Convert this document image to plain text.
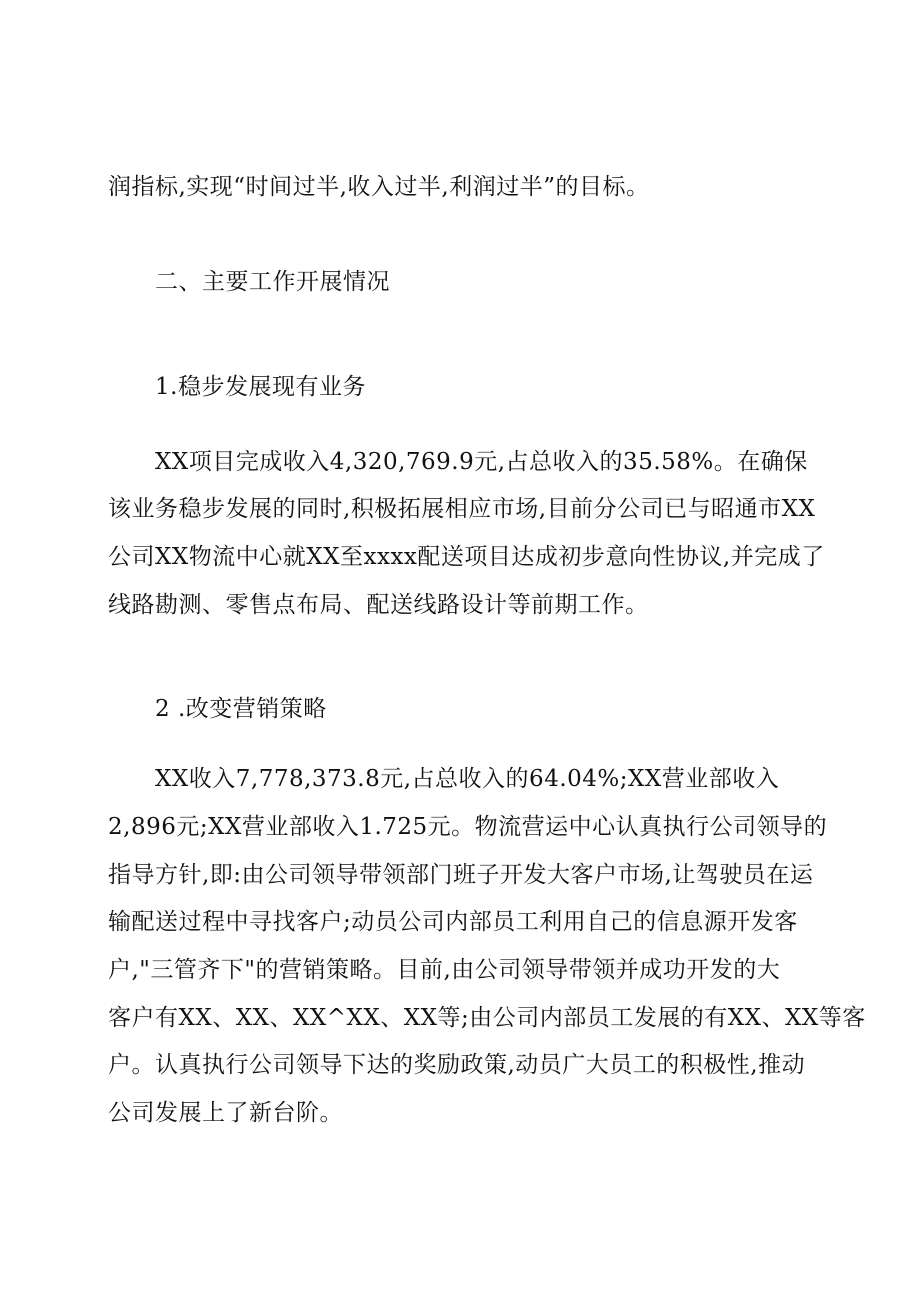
润指标,实现“时间过半,收入过半,利润过半”的目标。
二、主要工作开展情况
1.稳步发展现有业务
XX项目完成收入4,320,769.9元,占总收入的35.58%。在确保
该业务稳步发展的同时,积极拓展相应市场,目前分公司已与昭通市XX
公司XX物流中心就XX至xxxx配送项目达成初步意向性协议,并完成了
线路勘测、零售点布局、配送线路设计等前期工作。
2 .改变营销策略
XX收入7,778,373.8元,占总收入的64.04%;XX营业部收入
2,896元;XX营业部收入1.725元。物流营运中心认真执行公司领导的
指导方针,即:由公司领导带领部门班子开发大客户市场,让驾驶员在运
输配送过程中寻找客户;动员公司内部员工利用自己的信息源开发客
户,"三管齐下"的营销策略。目前,由公司领导带领并成功开发的大
客户有XX、XX、XX^XX、XX等;由公司内部员工发展的有XX、XX等客
户。认真执行公司领导下达的奖励政策,动员广大员工的积极性,推动
公司发展上了新台阶。
